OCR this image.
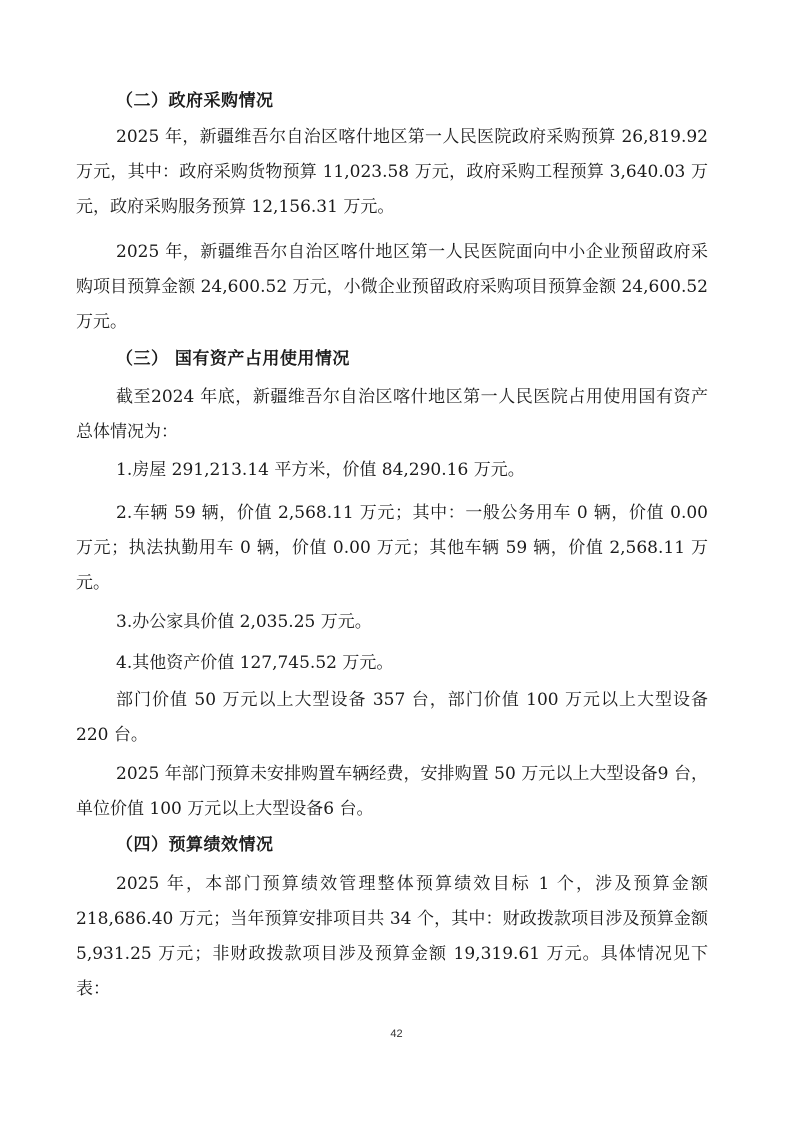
（二）政府采购情况
2025 年，新疆维吾尔自治区喀什地区第一人民医院政府采购预算 26,819.92 万元，其中：政府采购货物预算 11,023.58 万元，政府采购工程预算 3,640.03 万元，政府采购服务预算 12,156.31 万元。
2025 年，新疆维吾尔自治区喀什地区第一人民医院面向中小企业预留政府采购项目预算金额 24,600.52 万元，小微企业预留政府采购项目预算金额 24,600.52 万元。
（三） 国有资产占用使用情况
截至2024 年底，新疆维吾尔自治区喀什地区第一人民医院占用使用国有资产总体情况为：
1.房屋 291,213.14 平方米，价值 84,290.16 万元。
2.车辆 59 辆，价值 2,568.11 万元；其中：一般公务用车 0 辆，价值 0.00 万元；执法执勤用车 0 辆，价值 0.00 万元；其他车辆 59 辆，价值 2,568.11 万元。
3.办公家具价值 2,035.25 万元。
4.其他资产价值 127,745.52 万元。
部门价值 50 万元以上大型设备 357 台，部门价值 100 万元以上大型设备 220 台。
2025 年部门预算未安排购置车辆经费，安排购置 50 万元以上大型设备9 台，单位价值 100 万元以上大型设备6 台。
（四）预算绩效情况
2025 年，本部门预算绩效管理整体预算绩效目标 1 个，涉及预算金额 218,686.40 万元；当年预算安排项目共 34 个，其中：财政拨款项目涉及预算金额 5,931.25 万元；非财政拨款项目涉及预算金额 19,319.61 万元。具体情况见下表：
42
